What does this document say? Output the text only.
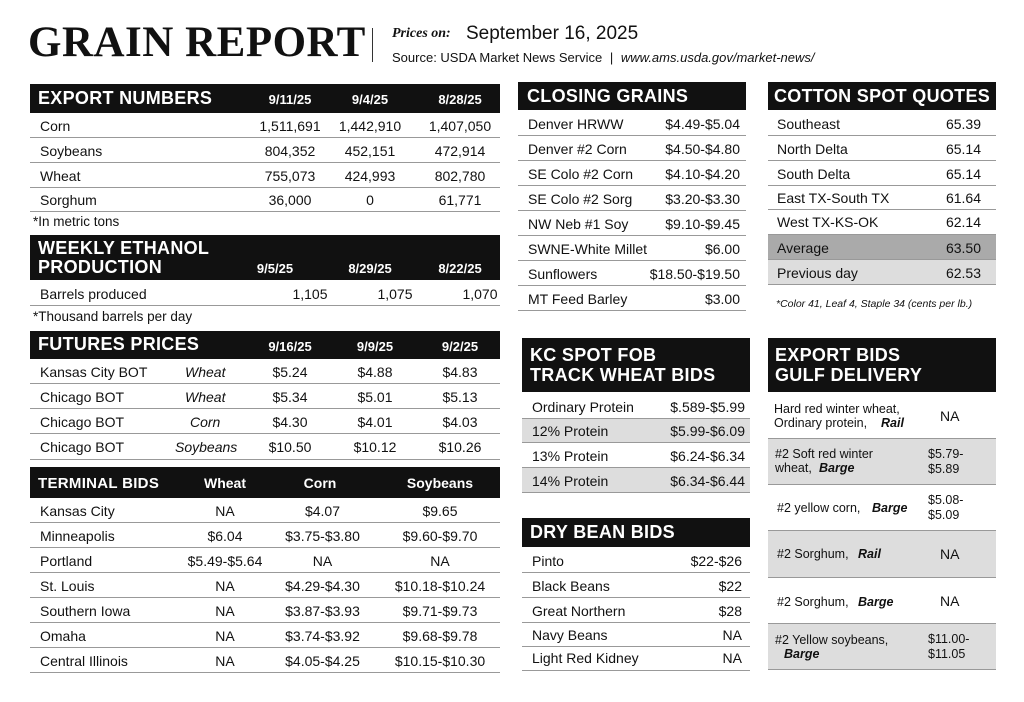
GRAIN REPORT Prices on: September 16, 2025
Source: USDA Market News Service | www.ams.usda.gov/market-news/
EXPORT NUMBERS	9/11/25	9/4/25	8/28/25
Corn	1,511,691	1,442,910	1,407,050
Soybeans	804,352	452,151	472,914
Wheat	755,073	424,993	802,780
Sorghum	36,000	0	61,771
*In metric tons
WEEKLY ETHANOL
PRODUCTION	9/5/25	8/29/25	8/22/25
Barrels produced	1,105	1,075	1,070
*Thousand barrels per day
FUTURES PRICES	9/16/25	9/9/25	9/2/25
Kansas City BOT	Wheat	$5.24	$4.88	$4.83
Chicago BOT	Wheat	$5.34	$5.01	$5.13
Chicago BOT	Corn	$4.30	$4.01	$4.03
Chicago BOT	Soybeans	$10.50	$10.12	$10.26
TERMINAL BIDS	Wheat	Corn	Soybeans
Kansas City	NA	$4.07	$9.65
Minneapolis	$6.04	$3.75-$3.80	$9.60-$9.70
Portland	$5.49-$5.64	NA	NA
St. Louis	NA	$4.29-$4.30	$10.18-$10.24
Southern Iowa	NA	$3.87-$3.93	$9.71-$9.73
Omaha	NA	$3.74-$3.92	$9.68-$9.78
Central Illinois	NA	$4.05-$4.25	$10.15-$10.30
CLOSING GRAINS
Denver HRWW	$4.49-$5.04
Denver #2 Corn	$4.50-$4.80
SE Colo #2 Corn $4.10-$4.20
SE Colo #2 Sorg $3.20-$3.30
NW Neb #1 Soy	$9.10-$9.45
SWNE-White Millet	$6.00
Sunflowers	$18.50-$19.50
MT Feed Barley	$3.00
KC SPOT FOB
TRACK WHEAT BIDS
Ordinary Protein	$.589-$5.99
12% Protein	$5.99-$6.09
13% Protein	$6.24-$6.34
14% Protein	$6.34-$6.44
DRY BEAN BIDS
Pinto	$22-$26
Black Beans	$22
Great Northern	$28
Navy Beans	NA
Light Red Kidney	NA
COTTON SPOT QUOTES
Southeast	65.39
North Delta	65.14
South Delta	65.14
East TX-South TX	61.64
West TX-KS-OK	62.14
Average	63.50
Previous day	62.53
*Color 41, Leaf 4, Staple 34 (cents per lb.)
EXPORT BIDS
GULF DELIVERY
Hard red winter wheat,
Ordinary protein, Rail	NA
#2 Soft red winter
wheat, Barge
$5.79-
$5.89
#2 yellow corn, Barge
$5.08-
$5.09
#2 Sorghum, Rail	NA
#2 Sorghum, Barge	NA
#2 Yellow soybeans,
Barge
$11.00-
$11.05
